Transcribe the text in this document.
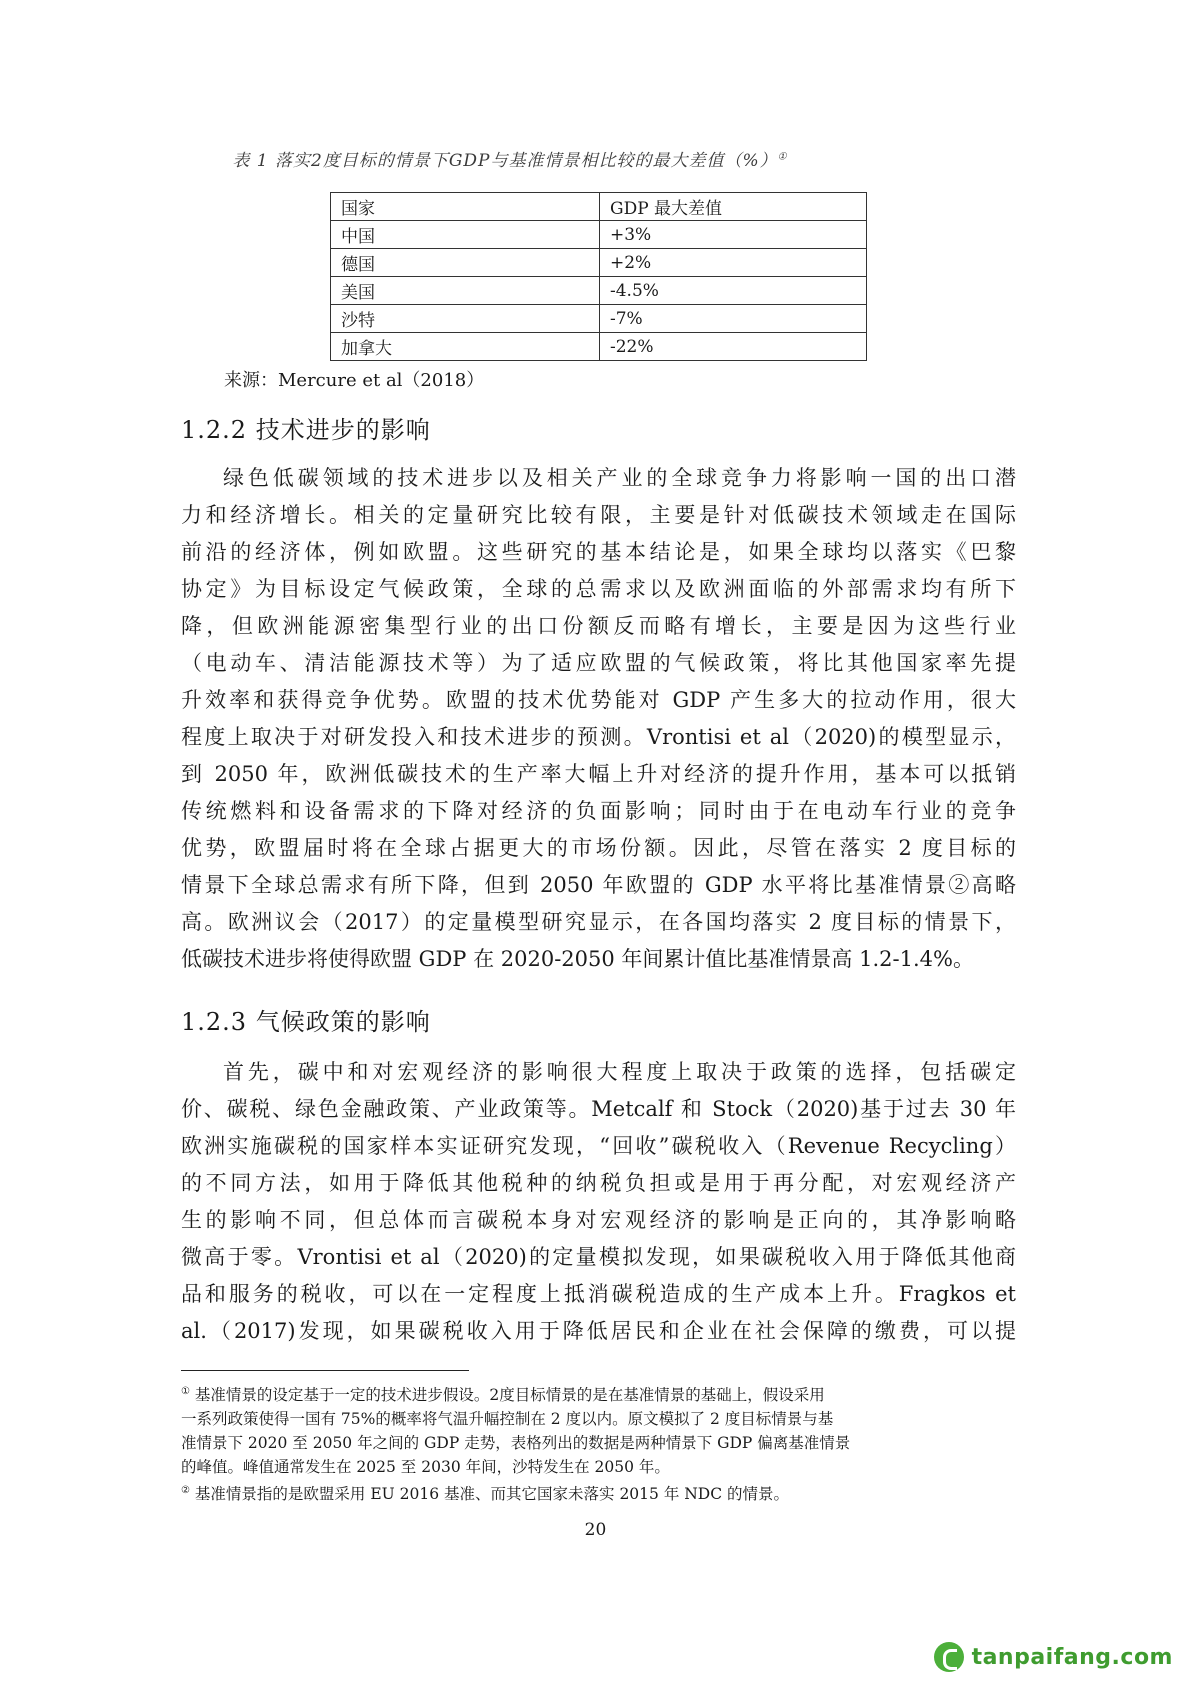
表 1 落实2度目标的情景下GDP与基准情景相比较的最大差值（%）①
国家	GDP 最大差值
中国	+3%
德国	+2%
美国	-4.5%
沙特	-7%
加拿大	-22%
来源：Mercure et al（2018）
1.2.2 技术进步的影响
绿色低碳领域的技术进步以及相关产业的全球竞争力将影响一国的出口潜
力和经济增长。相关的定量研究比较有限，主要是针对低碳技术领域走在国际
前沿的经济体，例如欧盟。这些研究的基本结论是，如果全球均以落实《巴黎
协定》为目标设定气候政策，全球的总需求以及欧洲面临的外部需求均有所下
降，但欧洲能源密集型行业的出口份额反而略有增长，主要是因为这些行业
（电动车、清洁能源技术等）为了适应欧盟的气候政策，将比其他国家率先提
升效率和获得竞争优势。欧盟的技术优势能对 GDP 产生多大的拉动作用，很大
程度上取决于对研发投入和技术进步的预测。Vrontisi et al（2020)的模型显示，
到 2050 年，欧洲低碳技术的生产率大幅上升对经济的提升作用，基本可以抵销
传统燃料和设备需求的下降对经济的负面影响；同时由于在电动车行业的竞争
优势，欧盟届时将在全球占据更大的市场份额。因此，尽管在落实 2 度目标的
情景下全球总需求有所下降，但到 2050 年欧盟的 GDP 水平将比基准情景②高略
高。欧洲议会（2017）的定量模型研究显示，在各国均落实 2 度目标的情景下，
低碳技术进步将使得欧盟 GDP 在 2020-2050 年间累计值比基准情景高 1.2-1.4%。
1.2.3 气候政策的影响
首先，碳中和对宏观经济的影响很大程度上取决于政策的选择，包括碳定
价、碳税、绿色金融政策、产业政策等。Metcalf 和 Stock（2020)基于过去 30 年
欧洲实施碳税的国家样本实证研究发现，“回收”碳税收入（Revenue Recycling）
的不同方法，如用于降低其他税种的纳税负担或是用于再分配，对宏观经济产
生的影响不同，但总体而言碳税本身对宏观经济的影响是正向的，其净影响略
微高于零。Vrontisi et al（2020)的定量模拟发现，如果碳税收入用于降低其他商
品和服务的税收，可以在一定程度上抵消碳税造成的生产成本上升。Fragkos et
al.（2017)发现，如果碳税收入用于降低居民和企业在社会保障的缴费，可以提
① 基准情景的设定基于一定的技术进步假设。2度目标情景的是在基准情景的基础上，假设采用
一系列政策使得一国有 75%的概率将气温升幅控制在 2 度以内。原文模拟了 2 度目标情景与基
准情景下 2020 至 2050 年之间的 GDP 走势，表格列出的数据是两种情景下 GDP 偏离基准情景
的峰值。峰值通常发生在 2025 至 2030 年间，沙特发生在 2050 年。
② 基准情景指的是欧盟采用 EU 2016 基准、而其它国家未落实 2015 年 NDC 的情景。
20
tanpaifang.com
